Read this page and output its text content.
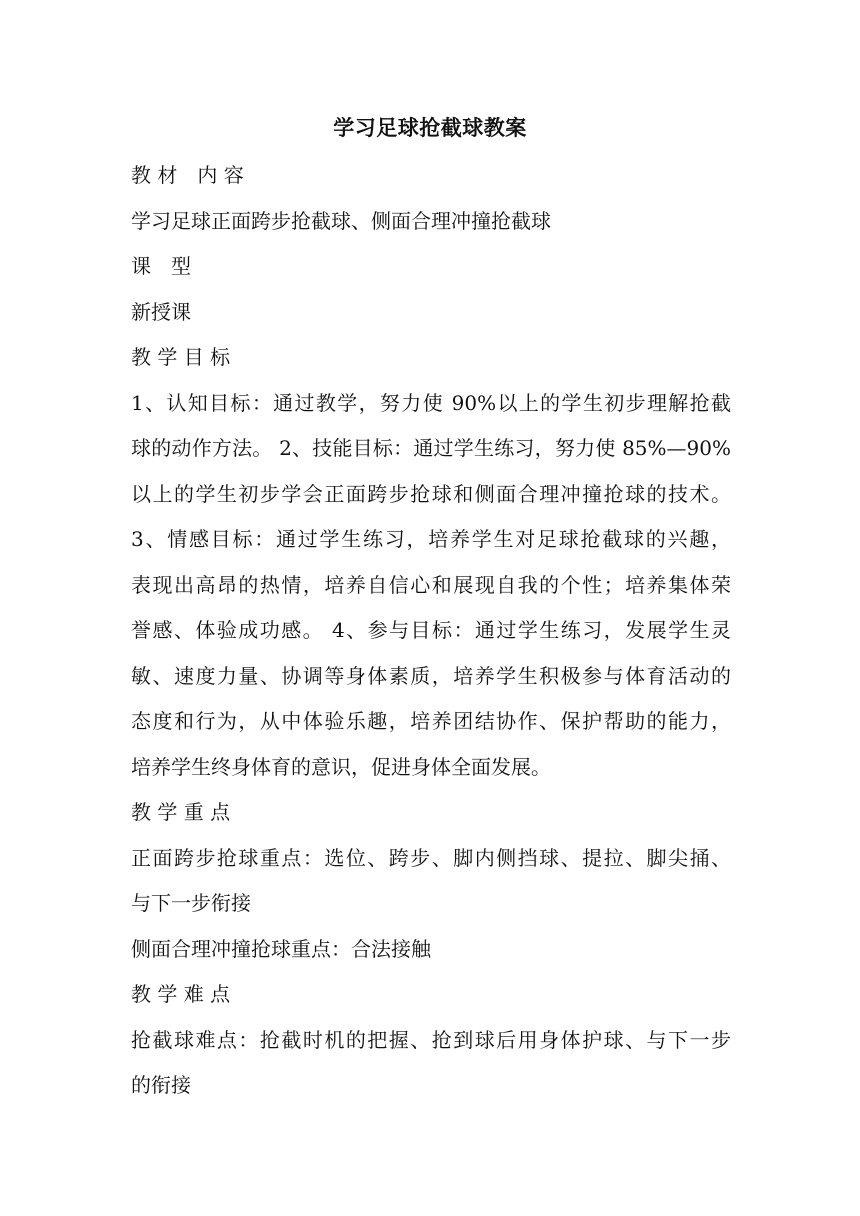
学习足球抢截球教案
教 材　内 容
学习足球正面跨步抢截球、侧面合理冲撞抢截球
课　型
新授课
教 学 目 标
1、认知目标：通过教学，努力使 90%以上的学生初步理解抢截
球的动作方法。 2、技能目标：通过学生练习，努力使 85%—90%
以上的学生初步学会正面跨步抢球和侧面合理冲撞抢球的技术。
3、情感目标：通过学生练习，培养学生对足球抢截球的兴趣，
表现出高昂的热情，培养自信心和展现自我的个性；培养集体荣
誉感、体验成功感。 4、参与目标：通过学生练习，发展学生灵
敏、速度力量、协调等身体素质，培养学生积极参与体育活动的
态度和行为，从中体验乐趣，培养团结协作、保护帮助的能力，
培养学生终身体育的意识，促进身体全面发展。
教 学 重 点
正面跨步抢球重点：选位、跨步、脚内侧挡球、提拉、脚尖捅、
与下一步衔接
侧面合理冲撞抢球重点：合法接触
教 学 难 点
抢截球难点：抢截时机的把握、抢到球后用身体护球、与下一步
的衔接
